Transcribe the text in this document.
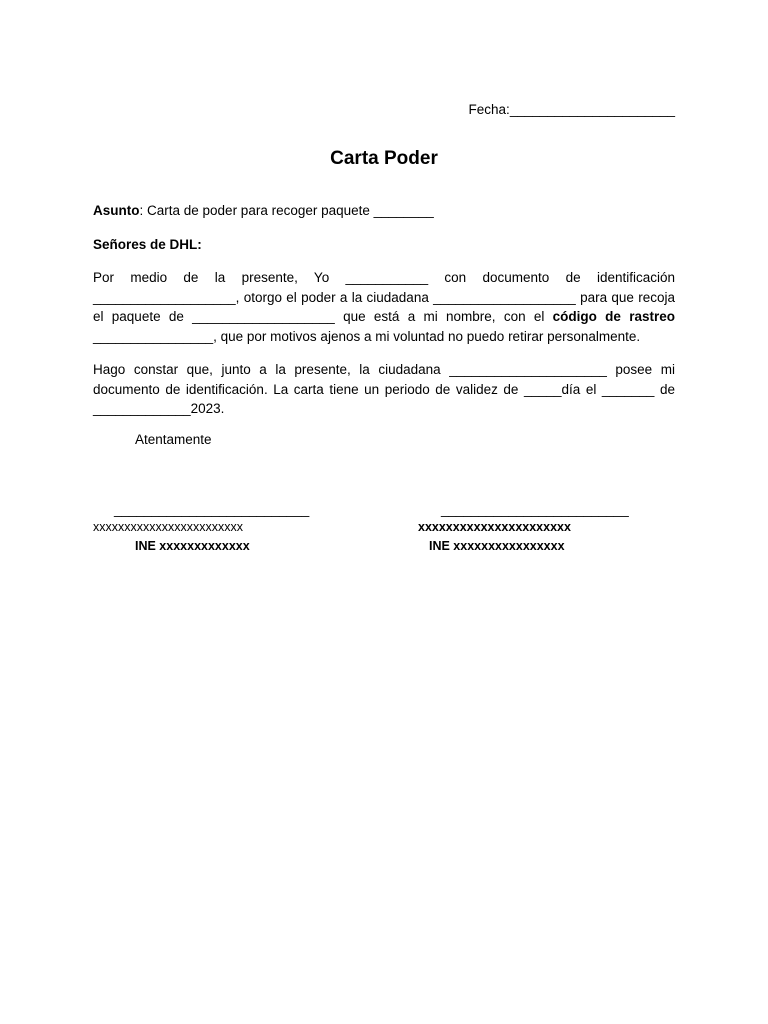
Fecha:______________________
Carta Poder
Asunto: Carta de poder para recoger paquete ________
Señores de DHL:
Por medio de la presente, Yo ___________ con documento de identificación ___________________, otorgo el poder a la ciudadana ___________________ para que recoja el paquete de ___________________ que está a mi nombre, con el código de rastreo ________________, que por motivos ajenos a mi voluntad no puedo retirar personalmente.
Hago constar que, junto a la presente, la ciudadana _____________________ posee mi documento de identificación. La carta tiene un periodo de validez de _____día el _______ de _____________2023.
Atentamente
__________________________
xxxxxxxxxxxxxxxxxxxxxxxx
INE xxxxxxxxxxxxx
_________________________
xxxxxxxxxxxxxxxxxxxxxx
INE xxxxxxxxxxxxxxxx
